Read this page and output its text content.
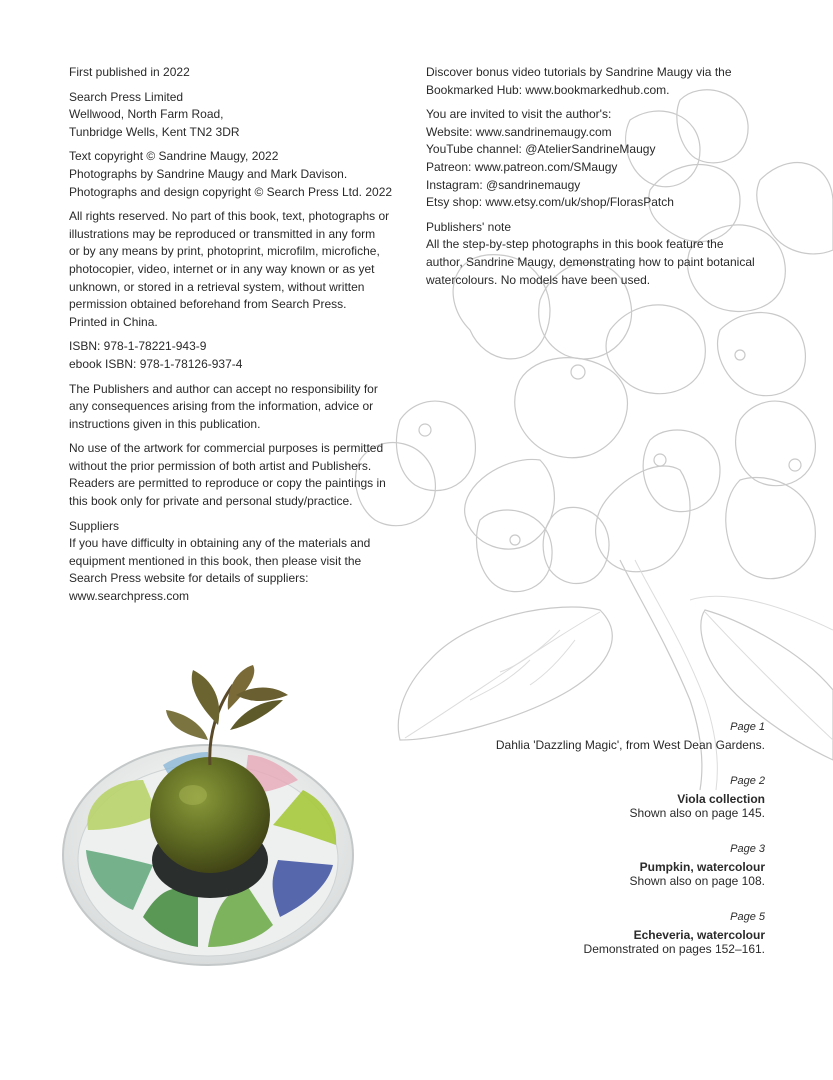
First published in 2022
Search Press Limited
Wellwood, North Farm Road,
Tunbridge Wells, Kent TN2 3DR
Text copyright © Sandrine Maugy, 2022
Photographs by Sandrine Maugy and Mark Davison.
Photographs and design copyright © Search Press Ltd. 2022
All rights reserved. No part of this book, text, photographs or
illustrations may be reproduced or transmitted in any form
or by any means by print, photoprint, microfilm, microfiche,
photocopier, video, internet or in any way known or as yet
unknown, or stored in a retrieval system, without written
permission obtained beforehand from Search Press.
Printed in China.
ISBN: 978-1-78221-943-9
ebook ISBN: 978-1-78126-937-4
The Publishers and author can accept no responsibility for
any consequences arising from the information, advice or
instructions given in this publication.
No use of the artwork for commercial purposes is permitted
without the prior permission of both artist and Publishers.
Readers are permitted to reproduce or copy the paintings in
this book only for private and personal study/practice.
Suppliers
If you have difficulty in obtaining any of the materials and
equipment mentioned in this book, then please visit the
Search Press website for details of suppliers:
www.searchpress.com
Discover bonus video tutorials by Sandrine Maugy via the
Bookmarked Hub: www.bookmarkedhub.com.
You are invited to visit the author's:
Website: www.sandrinemaugy.com
YouTube channel: @AtelierSandrineMaugy
Patreon: www.patreon.com/SMaugy
Instagram: @sandrinemaugy
Etsy shop: www.etsy.com/uk/shop/FlorasPatch
Publishers' note
All the step-by-step photographs in this book feature the
author, Sandrine Maugy, demonstrating how to paint botanical
watercolours. No models have been used.
Page 1
Dahlia 'Dazzling Magic', from West Dean Gardens.
Page 2
Viola collection
Shown also on page 145.
Page 3
Pumpkin, watercolour
Shown also on page 108.
Page 5
Echeveria, watercolour
Demonstrated on pages 152–161.
